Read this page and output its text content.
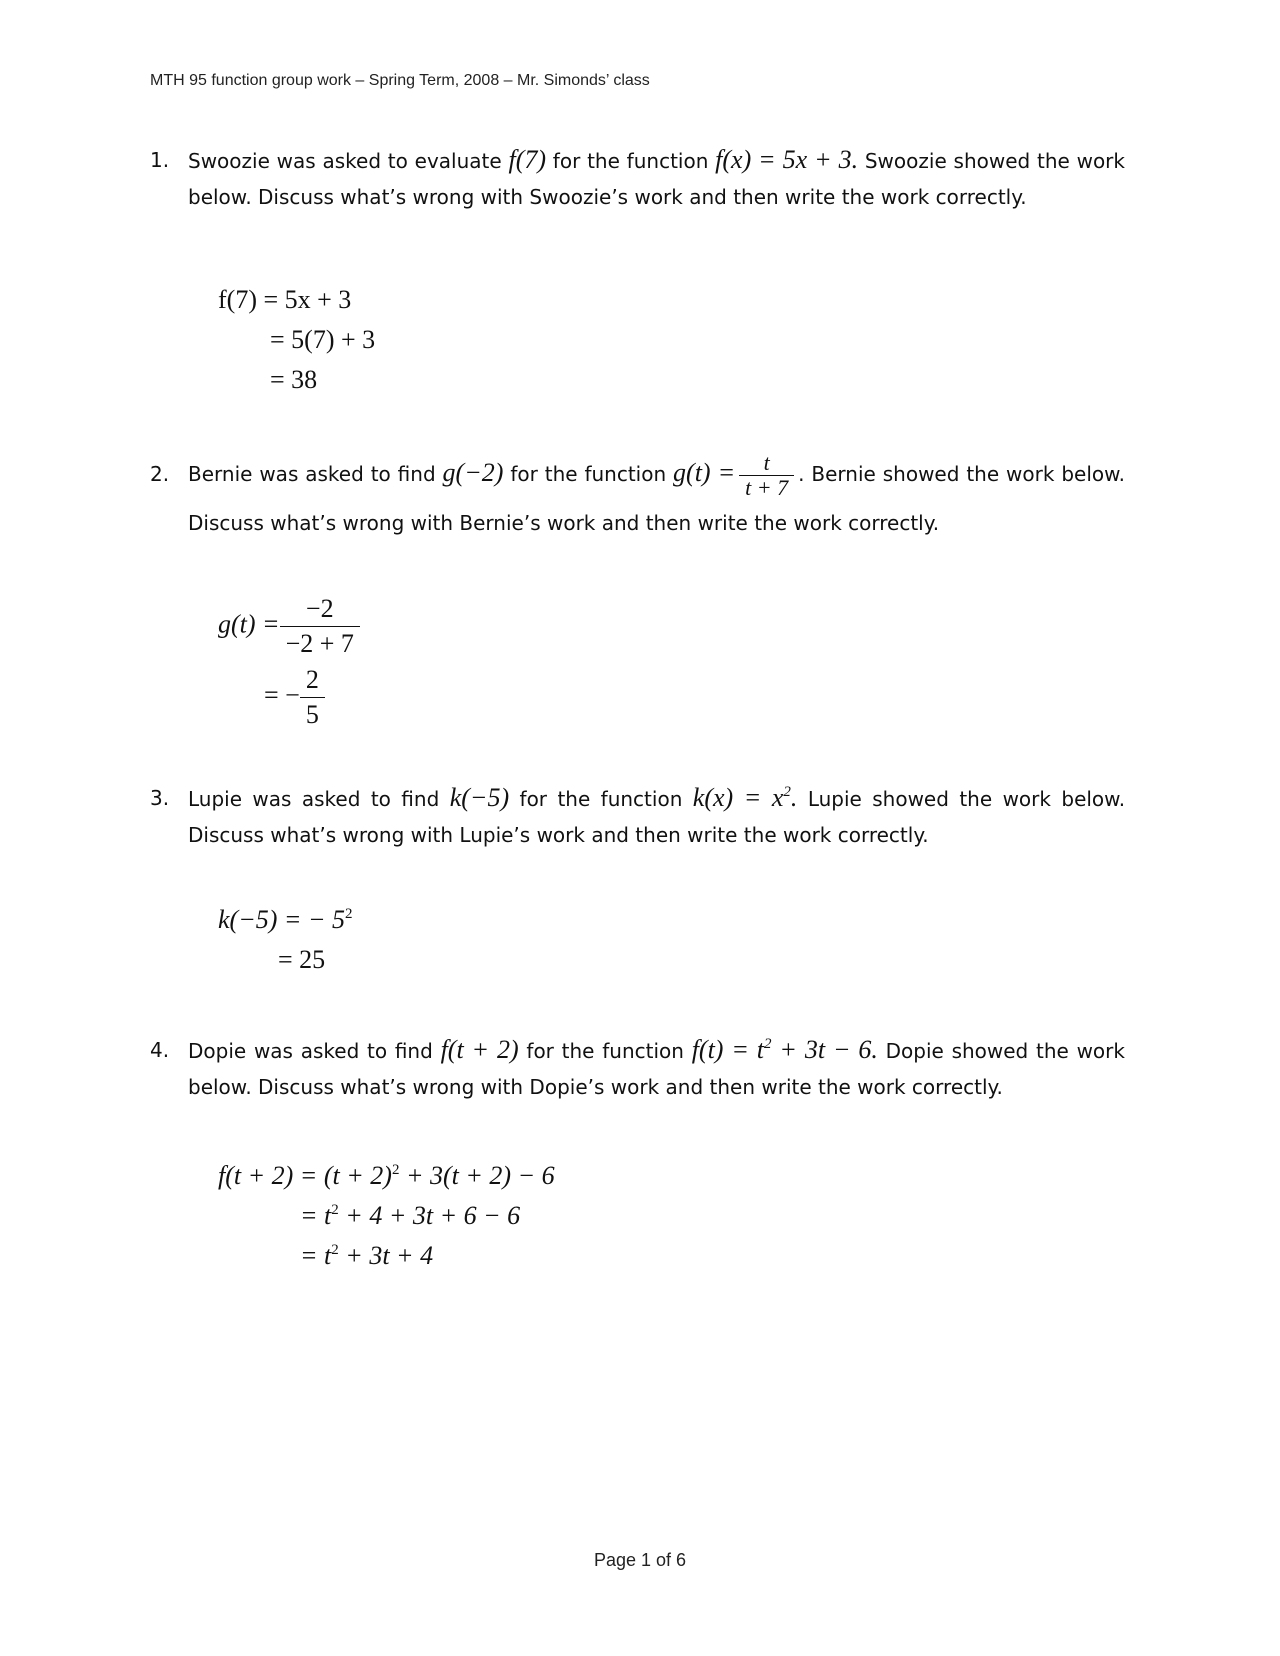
MTH 95 function group work – Spring Term, 2008 – Mr. Simonds’ class
1. Swoozie was asked to evaluate f(7) for the function f(x) = 5x + 3. Swoozie showed the work below. Discuss what’s wrong with Swoozie’s work and then write the work correctly.
f(7) = 5x + 3
= 5(7) + 3
= 38
2. Bernie was asked to find g(−2) for the function $g(t) = \frac{t}{t + 7}$ . Bernie showed the work below. Discuss what’s wrong with Bernie’s work and then write the work correctly.
$g(t) = \frac{-2}{-2 + 7}$
= − $\frac{2}{5}$
3. Lupie was asked to find k(−5) for the function $k(x) = x^2$. Lupie showed the work below. Discuss what’s wrong with Lupie’s work and then write the work correctly.
k(−5) = − $5^2$
= 25
4. Dopie was asked to find f(t + 2) for the function $f(t) = t^2 + 3t - 6$. Dopie showed the work below. Discuss what’s wrong with Dopie’s work and then write the work correctly.
$f(t + 2) = (t + 2)^2 + 3(t + 2) - 6$
= $t^2 + 4 + 3t + 6 - 6$
= $t^2 + 3t + 4$
Page 1 of 6
